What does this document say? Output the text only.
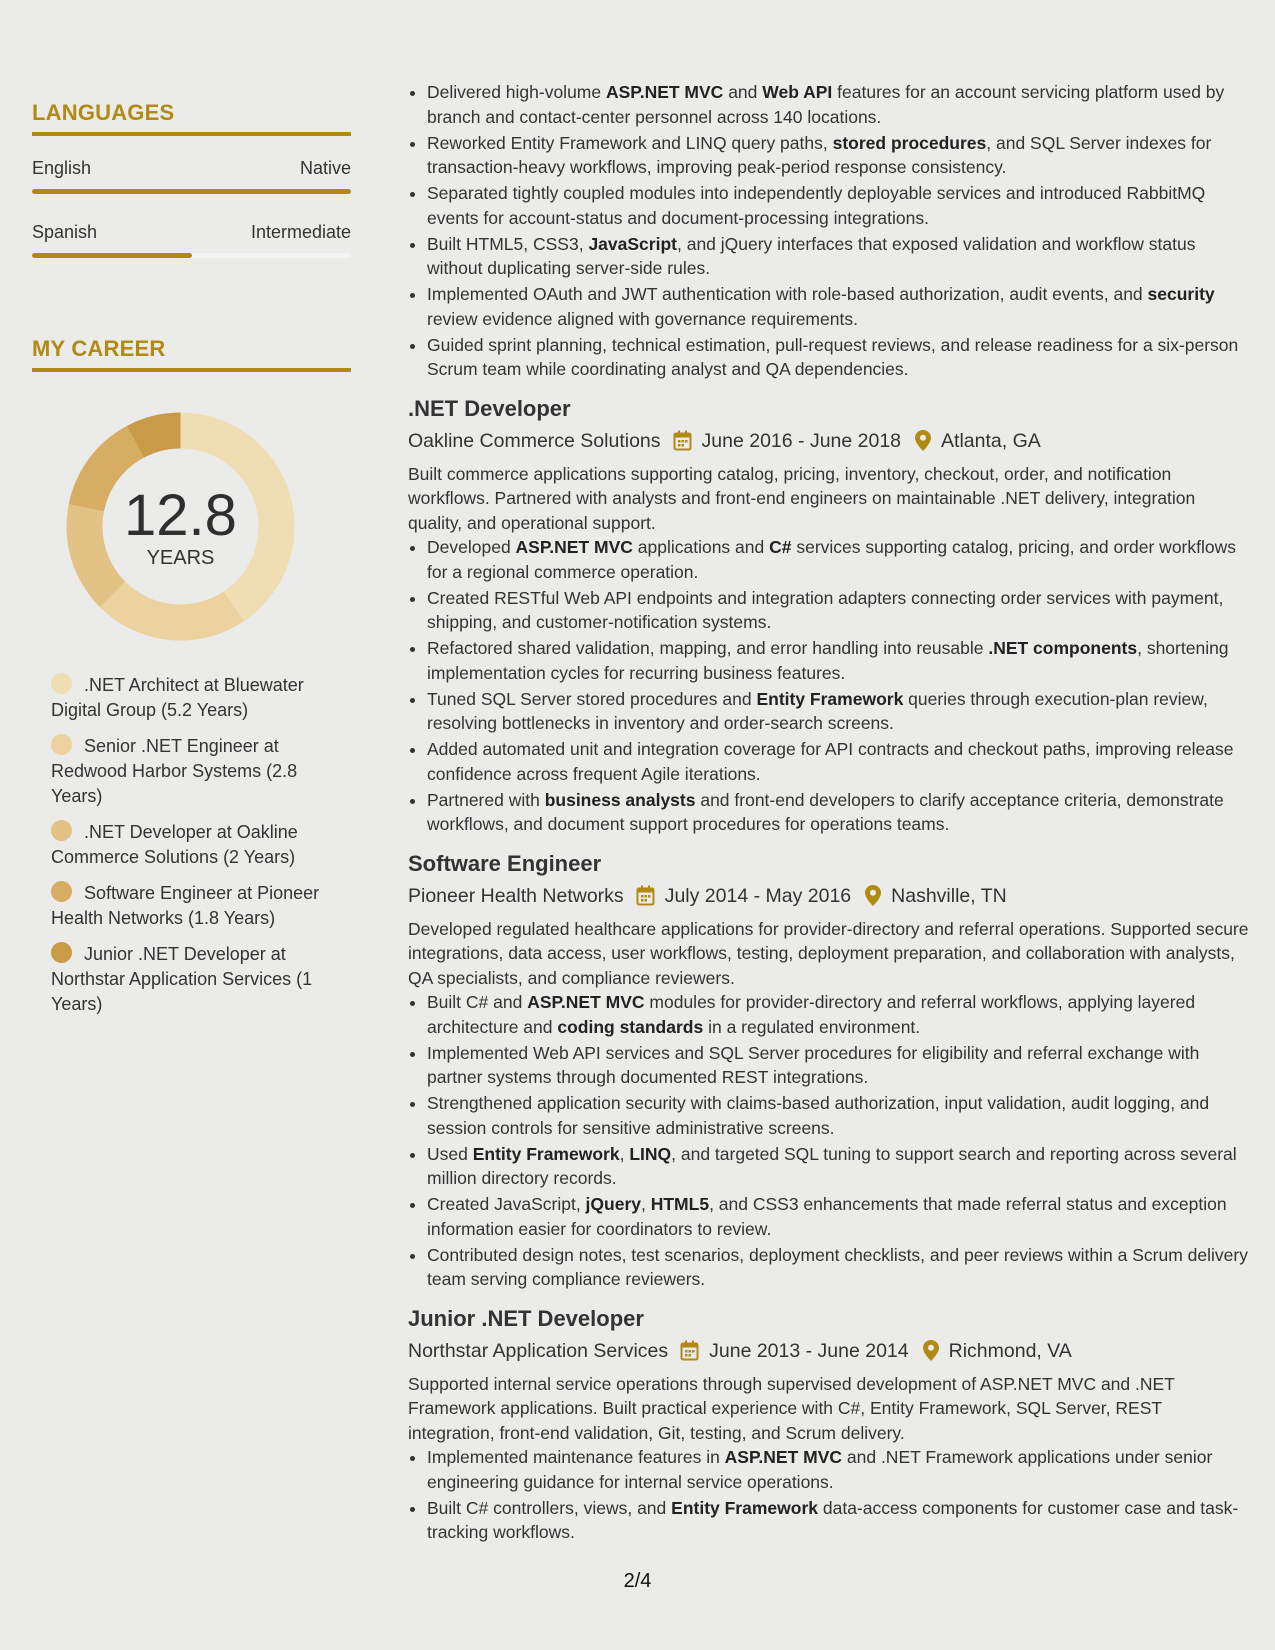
LANGUAGES
English	Native
Spanish	Intermediate
MY CAREER
12.8
YEARS
.NET Architect at Bluewater Digital Group (5.2 Years)
Senior .NET Engineer at Redwood Harbor Systems (2.8 Years)
.NET Developer at Oakline Commerce Solutions (2 Years)
Software Engineer at Pioneer Health Networks (1.8 Years)
Junior .NET Developer at Northstar Application Services (1 Years)
• Delivered high-volume ASP.NET MVC and Web API features for an account servicing platform used by branch and contact-center personnel across 140 locations.
• Reworked Entity Framework and LINQ query paths, stored procedures, and SQL Server indexes for transaction-heavy workflows, improving peak-period response consistency.
• Separated tightly coupled modules into independently deployable services and introduced RabbitMQ events for account-status and document-processing integrations.
• Built HTML5, CSS3, JavaScript, and jQuery interfaces that exposed validation and workflow status without duplicating server-side rules.
• Implemented OAuth and JWT authentication with role-based authorization, audit events, and security review evidence aligned with governance requirements.
• Guided sprint planning, technical estimation, pull-request reviews, and release readiness for a six-person Scrum team while coordinating analyst and QA dependencies.
.NET Developer
Oakline Commerce Solutions June 2016 - June 2018 Atlanta, GA
Built commerce applications supporting catalog, pricing, inventory, checkout, order, and notification workflows. Partnered with analysts and front-end engineers on maintainable .NET delivery, integration quality, and operational support.
• Developed ASP.NET MVC applications and C# services supporting catalog, pricing, and order workflows for a regional commerce operation.
• Created RESTful Web API endpoints and integration adapters connecting order services with payment, shipping, and customer-notification systems.
• Refactored shared validation, mapping, and error handling into reusable .NET components, shortening implementation cycles for recurring business features.
• Tuned SQL Server stored procedures and Entity Framework queries through execution-plan review, resolving bottlenecks in inventory and order-search screens.
• Added automated unit and integration coverage for API contracts and checkout paths, improving release confidence across frequent Agile iterations.
• Partnered with business analysts and front-end developers to clarify acceptance criteria, demonstrate workflows, and document support procedures for operations teams.
Software Engineer
Pioneer Health Networks July 2014 - May 2016 Nashville, TN
Developed regulated healthcare applications for provider-directory and referral operations. Supported secure integrations, data access, user workflows, testing, deployment preparation, and collaboration with analysts, QA specialists, and compliance reviewers.
• Built C# and ASP.NET MVC modules for provider-directory and referral workflows, applying layered architecture and coding standards in a regulated environment.
• Implemented Web API services and SQL Server procedures for eligibility and referral exchange with partner systems through documented REST integrations.
• Strengthened application security with claims-based authorization, input validation, audit logging, and session controls for sensitive administrative screens.
• Used Entity Framework, LINQ, and targeted SQL tuning to support search and reporting across several million directory records.
• Created JavaScript, jQuery, HTML5, and CSS3 enhancements that made referral status and exception information easier for coordinators to review.
• Contributed design notes, test scenarios, deployment checklists, and peer reviews within a Scrum delivery team serving compliance reviewers.
Junior .NET Developer
Northstar Application Services June 2013 - June 2014 Richmond, VA
Supported internal service operations through supervised development of ASP.NET MVC and .NET Framework applications. Built practical experience with C#, Entity Framework, SQL Server, REST integration, front-end validation, Git, testing, and Scrum delivery.
• Implemented maintenance features in ASP.NET MVC and .NET Framework applications under senior engineering guidance for internal service operations.
• Built C# controllers, views, and Entity Framework data-access components for customer case and task-tracking workflows.
2/4
